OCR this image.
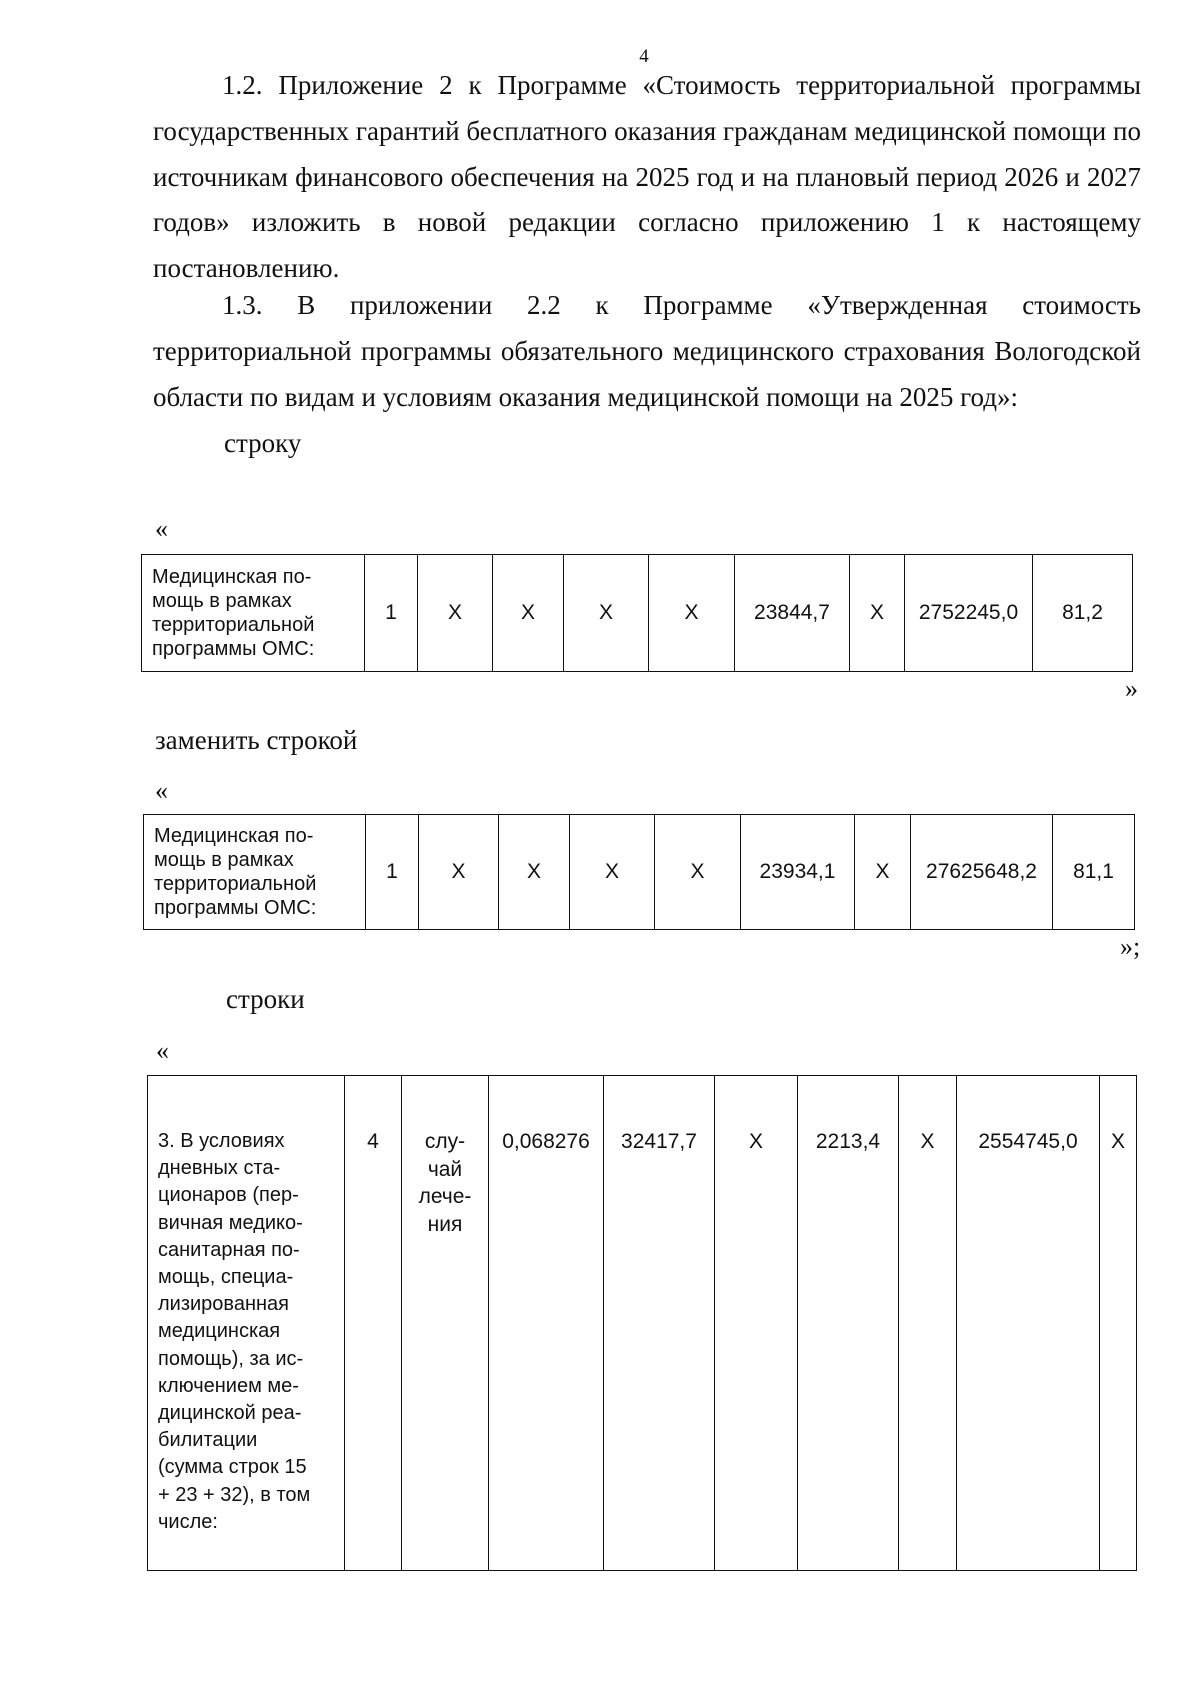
4
1.2. Приложение 2 к Программе «Стоимость территориальной программы государственных гарантий бесплатного оказания гражданам медицинской помощи по источникам финансового обеспечения на 2025 год и на плановый период 2026 и 2027 годов» изложить в новой редакции согласно приложению 1 к настоящему постановлению.
1.3. В приложении 2.2 к Программе «Утвержденная стоимость территориальной программы обязательного медицинского страхования Вологодской области по видам и условиям оказания медицинской помощи на 2025 год»:
строку
«
Медицинская по-
мощь в рамках
территориальной
программы ОМС:	1	Х	Х	Х	Х	23844,7	Х	2752245,0	81,2
»
заменить строкой
«
Медицинская по-
мощь в рамках
территориальной
программы ОМС:	1	Х	Х	Х	Х	23934,1	Х	27625648,2	81,1
»;
строки
«
3. В условиях
дневных ста-
ционаров (пер-
вичная медико-
санитарная по-
мощь, специа-
лизированная
медицинская
помощь), за ис-
ключением ме-
дицинской реа-
билитации
(сумма строк 15
+ 23 + 32), в том
числе:	4	слу-
чай
лече-
ния	0,068276	32417,7	Х	2213,4	Х	2554745,0	Х
